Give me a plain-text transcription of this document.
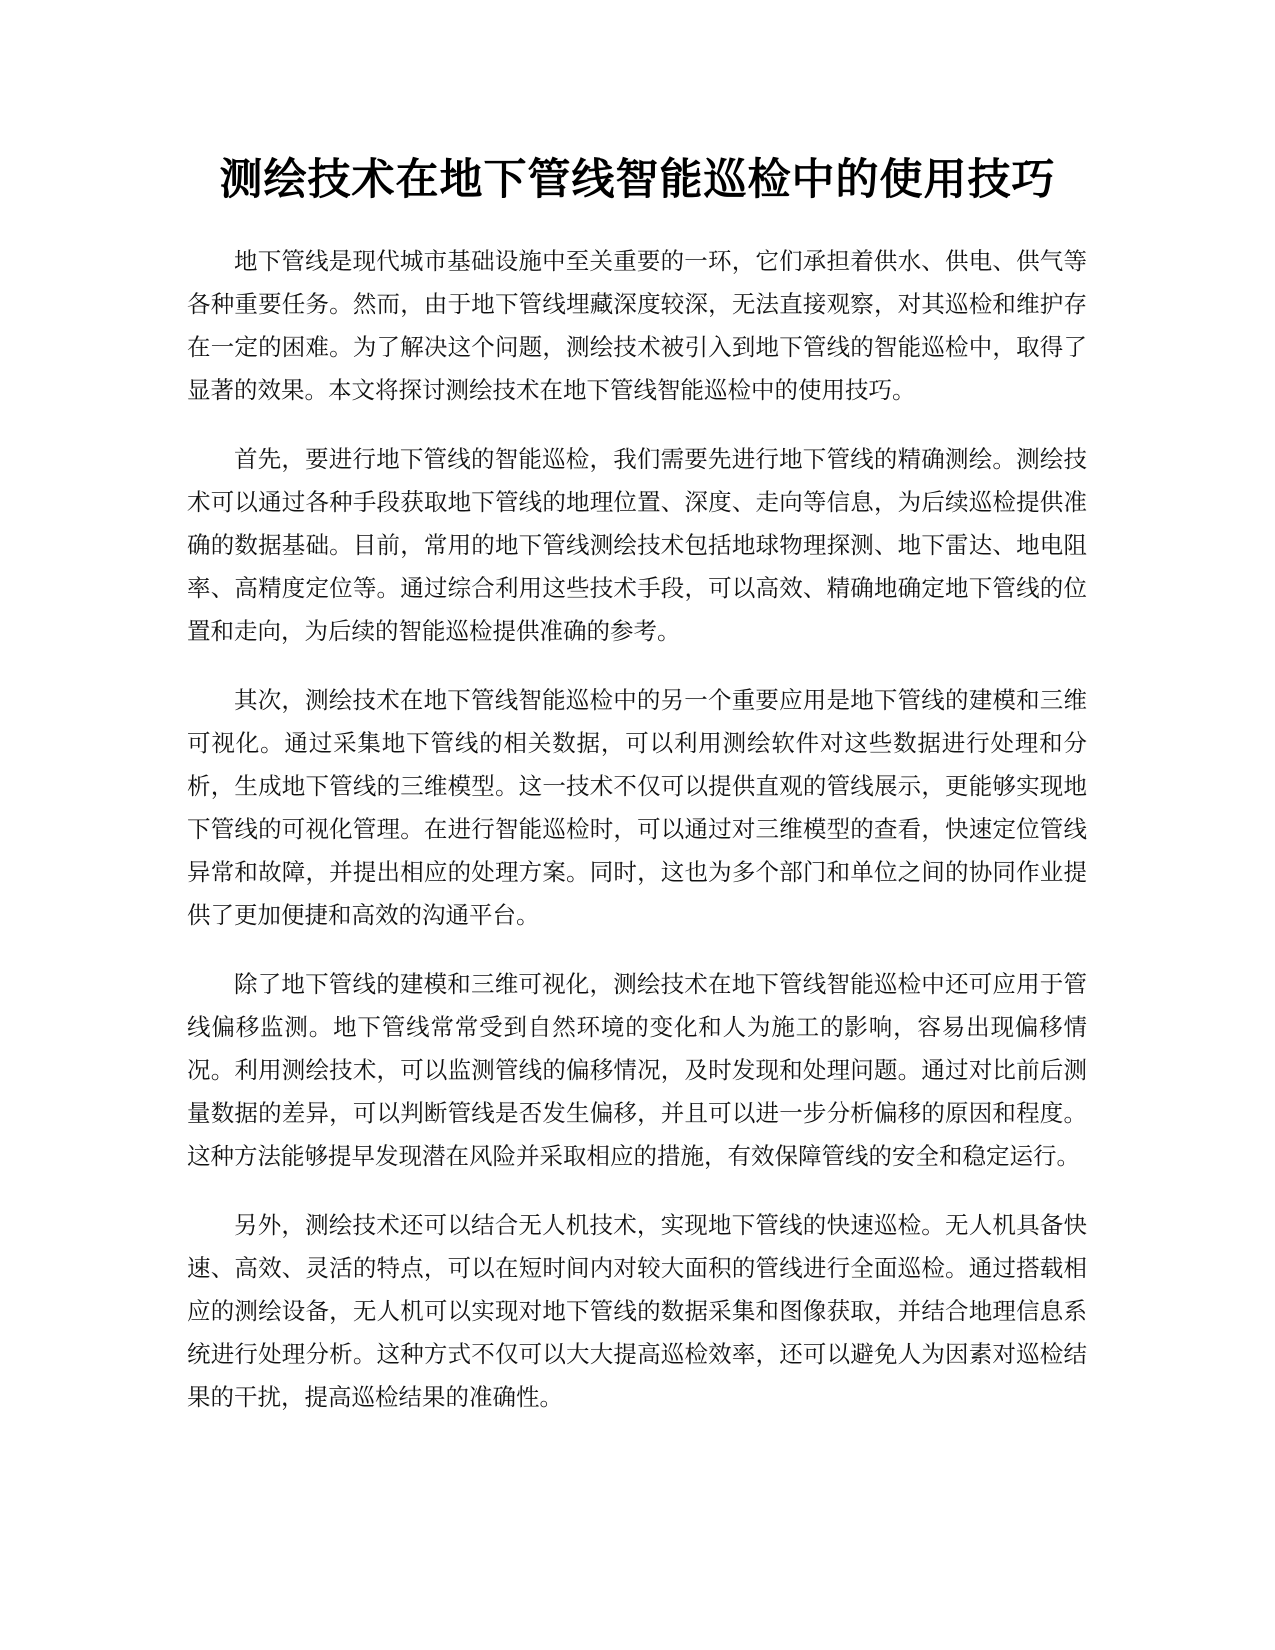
测绘技术在地下管线智能巡检中的使用技巧

地下管线是现代城市基础设施中至关重要的一环，它们承担着供水、供电、供气等各种重要任务。然而，由于地下管线埋藏深度较深，无法直接观察，对其巡检和维护存在一定的困难。为了解决这个问题，测绘技术被引入到地下管线的智能巡检中，取得了显著的效果。本文将探讨测绘技术在地下管线智能巡检中的使用技巧。

首先，要进行地下管线的智能巡检，我们需要先进行地下管线的精确测绘。测绘技术可以通过各种手段获取地下管线的地理位置、深度、走向等信息，为后续巡检提供准确的数据基础。目前，常用的地下管线测绘技术包括地球物理探测、地下雷达、地电阻率、高精度定位等。通过综合利用这些技术手段，可以高效、精确地确定地下管线的位置和走向，为后续的智能巡检提供准确的参考。

其次，测绘技术在地下管线智能巡检中的另一个重要应用是地下管线的建模和三维可视化。通过采集地下管线的相关数据，可以利用测绘软件对这些数据进行处理和分析，生成地下管线的三维模型。这一技术不仅可以提供直观的管线展示，更能够实现地下管线的可视化管理。在进行智能巡检时，可以通过对三维模型的查看，快速定位管线异常和故障，并提出相应的处理方案。同时，这也为多个部门和单位之间的协同作业提供了更加便捷和高效的沟通平台。

除了地下管线的建模和三维可视化，测绘技术在地下管线智能巡检中还可应用于管线偏移监测。地下管线常常受到自然环境的变化和人为施工的影响，容易出现偏移情况。利用测绘技术，可以监测管线的偏移情况，及时发现和处理问题。通过对比前后测量数据的差异，可以判断管线是否发生偏移，并且可以进一步分析偏移的原因和程度。这种方法能够提早发现潜在风险并采取相应的措施，有效保障管线的安全和稳定运行。

另外，测绘技术还可以结合无人机技术，实现地下管线的快速巡检。无人机具备快速、高效、灵活的特点，可以在短时间内对较大面积的管线进行全面巡检。通过搭载相应的测绘设备，无人机可以实现对地下管线的数据采集和图像获取，并结合地理信息系统进行处理分析。这种方式不仅可以大大提高巡检效率，还可以避免人为因素对巡检结果的干扰，提高巡检结果的准确性。
